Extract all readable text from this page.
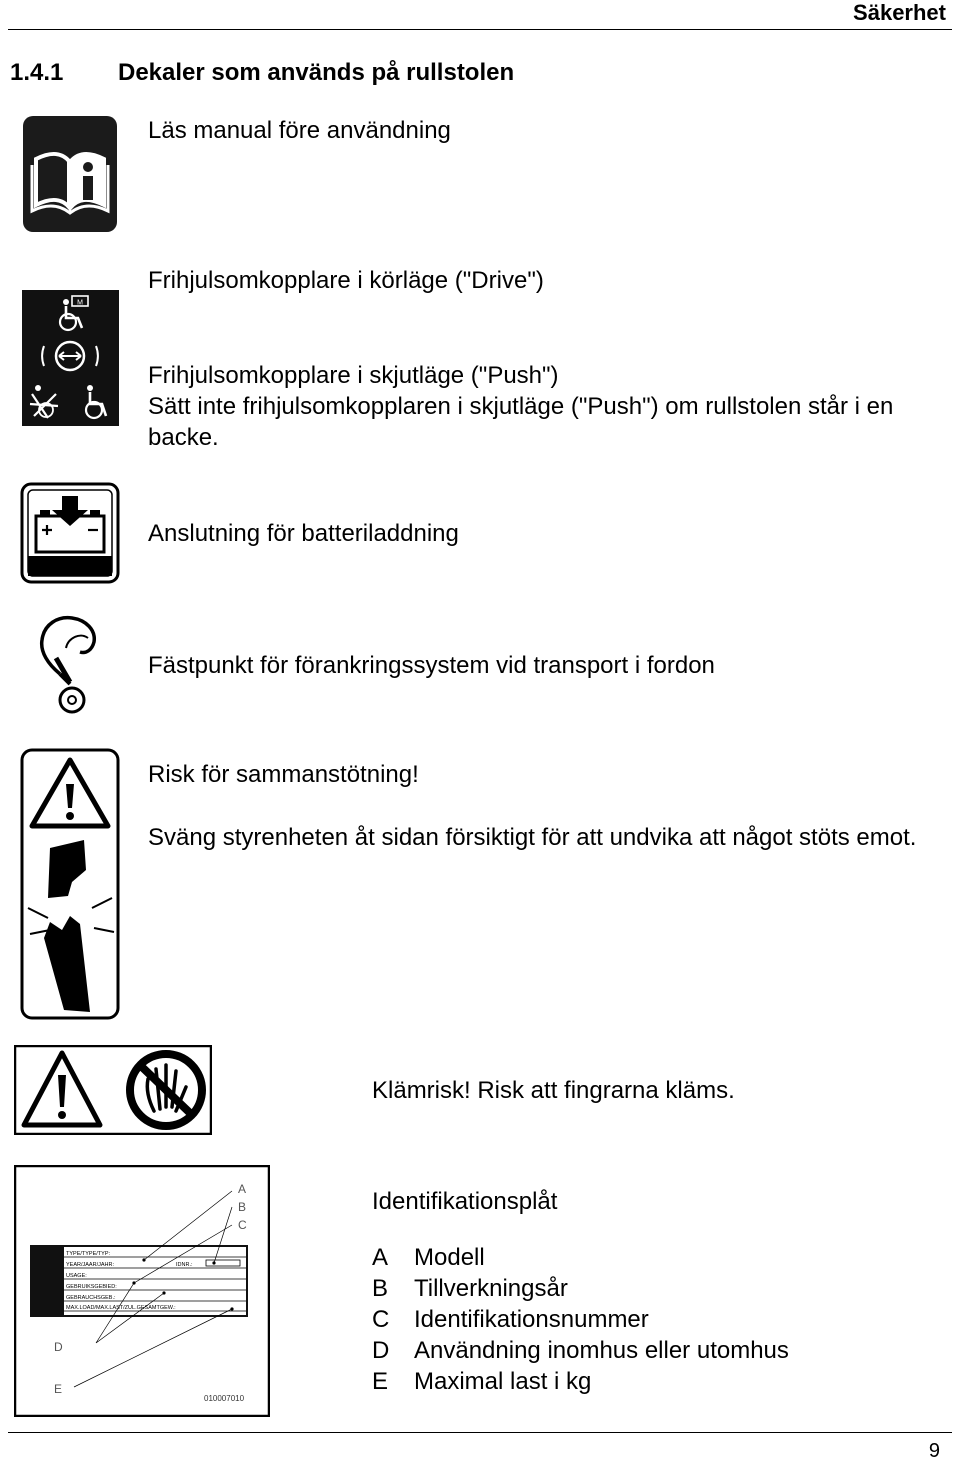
Säkerhet
1.4.1 Dekaler som används på rullstolen
Läs manual före användning
M
Frihjulsomkopplare i körläge ("Drive")
Frihjulsomkopplare i skjutläge ("Push")
Sätt inte frihjulsomkopplaren i skjutläge ("Push") om rullstolen står i en backe.
Anslutning för batteriladdning
Fästpunkt för förankringssystem vid transport i fordon
Risk för sammanstötning!
Sväng styrenheten åt sidan försiktigt för att undvika att något stöts emot.
Klämrisk! Risk att fingrarna kläms.
A
B
C
D
E
TYPE/TYPE/TYP:
YEAR/JAAR/JAHR:
USAGE:
GEBRUIKSGEBIED:
GEBRAUCHSGEB.:
MAX.LOAD/MAX.LAST/ZUL.GESAMTGEW.:
IDNR.:
010007010
Identifikationsplåt
A	Modell
B	Tillverkningsår
C	Identifikationsnummer
D	Användning inomhus eller utomhus
E	Maximal last i kg
9
